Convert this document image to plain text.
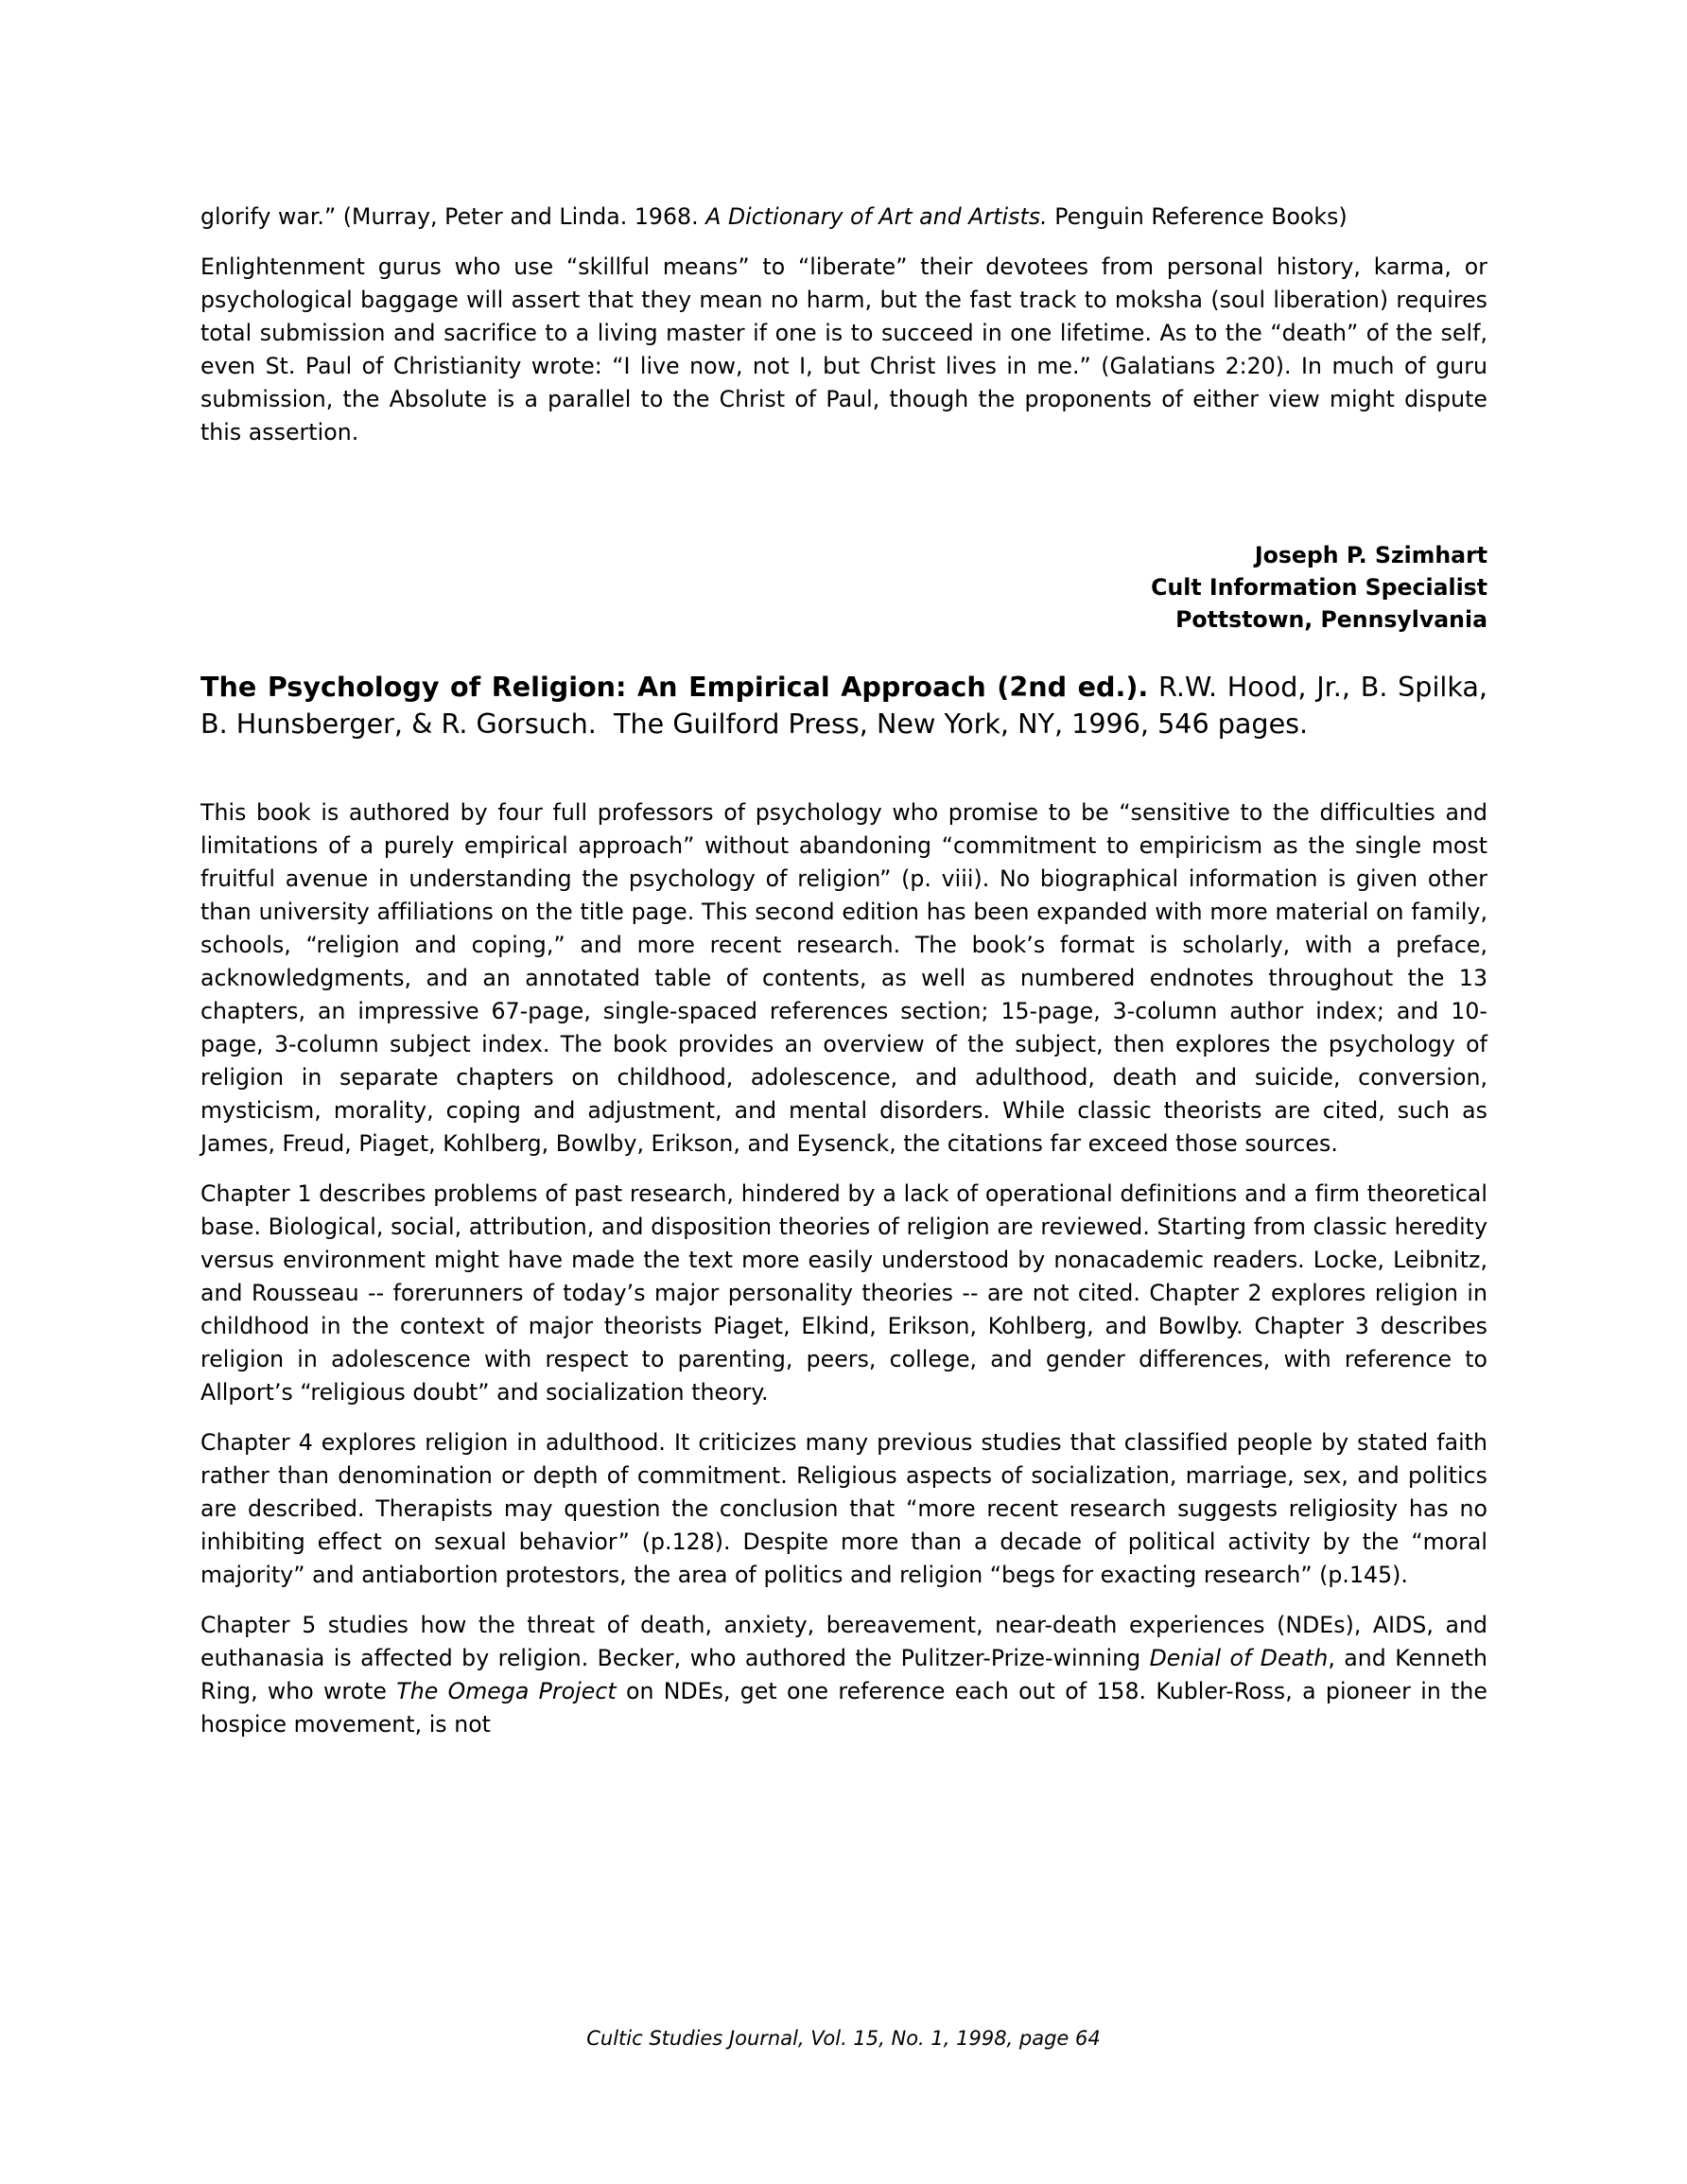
glorify war.” (Murray, Peter and Linda. 1968. A Dictionary of Art and Artists. Penguin Reference Books)

Enlightenment gurus who use “skillful means” to “liberate” their devotees from personal history, karma, or psychological baggage will assert that they mean no harm, but the fast track to moksha (soul liberation) requires total submission and sacrifice to a living master if one is to succeed in one lifetime. As to the “death” of the self, even St. Paul of Christianity wrote: “I live now, not I, but Christ lives in me.” (Galatians 2:20). In much of guru submission, the Absolute is a parallel to the Christ of Paul, though the proponents of either view might dispute this assertion.

Joseph P. Szimhart
Cult Information Specialist
Pottstown, Pennsylvania
The Psychology of Religion: An Empirical Approach (2nd ed.). R.W. Hood, Jr., B. Spilka, B. Hunsberger, & R. Gorsuch.  The Guilford Press, New York, NY, 1996, 546 pages.

This book is authored by four full professors of psychology who promise to be “sensitive to the difficulties and limitations of a purely empirical approach” without abandoning “commitment to empiricism as the single most fruitful avenue in understanding the psychology of religion” (p. viii). No biographical information is given other than university affiliations on the title page. This second edition has been expanded with more material on family, schools, “religion and coping,” and more recent research. The book’s format is scholarly, with a preface, acknowledgments, and an annotated table of contents, as well as numbered endnotes throughout the 13 chapters, an impressive 67-page, single-spaced references section; 15-page, 3-column author index; and 10-page, 3-column subject index. The book provides an overview of the subject, then explores the psychology of religion in separate chapters on childhood, adolescence, and adulthood, death and suicide, conversion, mysticism, morality, coping and adjustment, and mental disorders. While classic theorists are cited, such as James, Freud, Piaget, Kohlberg, Bowlby, Erikson, and Eysenck, the citations far exceed those sources.

Chapter 1 describes problems of past research, hindered by a lack of operational definitions and a firm theoretical base. Biological, social, attribution, and disposition theories of religion are reviewed. Starting from classic heredity versus environment might have made the text more easily understood by nonacademic readers. Locke, Leibnitz, and Rousseau -- forerunners of today’s major personality theories -- are not cited. Chapter 2 explores religion in childhood in the context of major theorists Piaget, Elkind, Erikson, Kohlberg, and Bowlby. Chapter 3 describes religion in adolescence with respect to parenting, peers, college, and gender differences, with reference to Allport’s “religious doubt” and socialization theory.

Chapter 4 explores religion in adulthood. It criticizes many previous studies that classified people by stated faith rather than denomination or depth of commitment. Religious aspects of socialization, marriage, sex, and politics are described. Therapists may question the conclusion that “more recent research suggests religiosity has no inhibiting effect on sexual behavior” (p.128). Despite more than a decade of political activity by the “moral majority” and antiabortion protestors, the area of politics and religion “begs for exacting research” (p.145).

Chapter 5 studies how the threat of death, anxiety, bereavement, near-death experiences (NDEs), AIDS, and euthanasia is affected by religion. Becker, who authored the Pulitzer-Prize-winning Denial of Death, and Kenneth Ring, who wrote The Omega Project on NDEs, get one reference each out of 158. Kubler-Ross, a pioneer in the hospice movement, is not

Cultic Studies Journal, Vol. 15, No. 1, 1998, page 64
